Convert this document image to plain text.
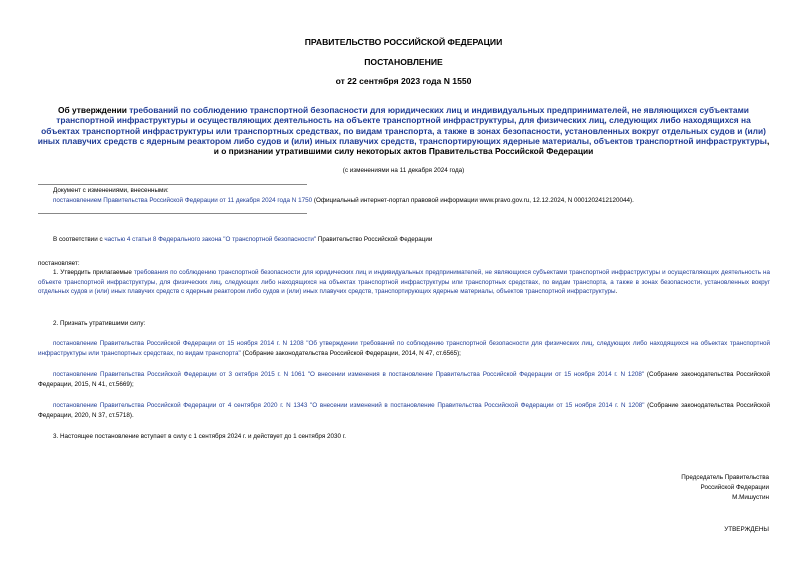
ПРАВИТЕЛЬСТВО РОССИЙСКОЙ ФЕДЕРАЦИИ
ПОСТАНОВЛЕНИЕ
от 22 сентября 2023 года N 1550
Об утверждении требований по соблюдению транспортной безопасности для юридических лиц и индивидуальных предпринимателей, не являющихся субъектами транспортной инфраструктуры и осуществляющих деятельность на объекте транспортной инфраструктуры, для физических лиц, следующих либо находящихся на объектах транспортной инфраструктуры или транспортных средствах, по видам транспорта, а также в зонах безопасности, установленных вокруг отдельных судов и (или) иных плавучих средств с ядерным реактором либо судов и (или) иных плавучих средств, транспортирующих ядерные материалы, объектов транспортной инфраструктуры, и о признании утратившими силу некоторых актов Правительства Российской Федерации
(с изменениями на 11 декабря 2024 года)
Документ с изменениями, внесенными:
постановлением Правительства Российской Федерации от 11 декабря 2024 года N 1750 (Официальный интернет-портал правовой информации www.pravo.gov.ru, 12.12.2024, N 0001202412120044).
В соответствии с частью 4 статьи 8 Федерального закона "О транспортной безопасности" Правительство Российской Федерации
постановляет:
1. Утвердить прилагаемые требования по соблюдению транспортной безопасности для юридических лиц и индивидуальных предпринимателей, не являющихся субъектами транспортной инфраструктуры и осуществляющих деятельность на объекте транспортной инфраструктуры, для физических лиц, следующих либо находящихся на объектах транспортной инфраструктуры или транспортных средствах, по видам транспорта, а также в зонах безопасности, установленных вокруг отдельных судов и (или) иных плавучих средств с ядерным реактором либо судов и (или) иных плавучих средств, транспортирующих ядерные материалы, объектов транспортной инфраструктуры.
2. Признать утратившими силу:
постановление Правительства Российской Федерации от 15 ноября 2014 г. N 1208 "Об утверждении требований по соблюдению транспортной безопасности для физических лиц, следующих либо находящихся на объектах транспортной инфраструктуры или транспортных средствах, по видам транспорта" (Собрание законодательства Российской Федерации, 2014, N 47, ст.6565);
постановление Правительства Российской Федерации от 3 октября 2015 г. N 1061 "О внесении изменения в постановление Правительства Российской Федерации от 15 ноября 2014 г. N 1208" (Собрание законодательства Российской Федерации, 2015, N 41, ст.5669);
постановление Правительства Российской Федерации от 4 сентября 2020 г. N 1343 "О внесении изменений в постановление Правительства Российской Федерации от 15 ноября 2014 г. N 1208" (Собрание законодательства Российской Федерации, 2020, N 37, ст.5718).
3. Настоящее постановление вступает в силу с 1 сентября 2024 г. и действует до 1 сентября 2030 г.
Председатель Правительства
Российской Федерации
М.Мишустин
УТВЕРЖДЕНЫ
